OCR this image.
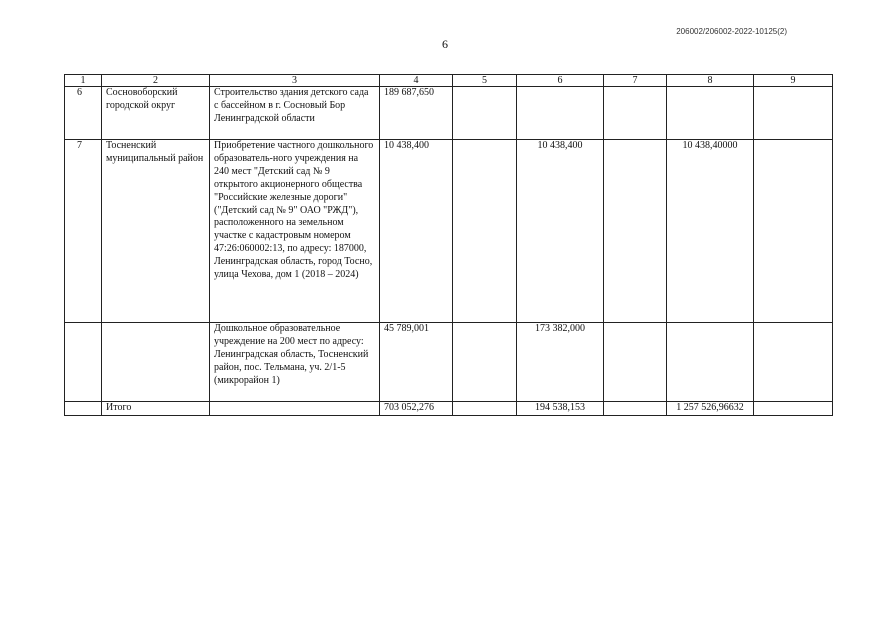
206002/206002-2022-10125(2)
6
1	2	3	4	5	6	7	8	9
6	Сосновоборский городской округ	Строительство здания детского сада с бассейном в г. Сосновый Бор Ленинградской области	189 687,650					
7	Тосненский муниципальный район	Приобретение частного дошкольного образователь-ного учреждения на 240 мест "Детский сад № 9 открытого акционерного общества "Российские железные дороги" ("Детский сад № 9" ОАО "РЖД"), расположенного на земельном участке с кадастровым номером 47:26:060002:13, по адресу: 187000, Ленинградская область, город Тосно, улица Чехова, дом 1 (2018 – 2024)	10 438,400		10 438,400		10 438,40000	
		Дошкольное образовательное учреждение на 200 мест по адресу: Ленинградская область, Тосненский район, пос. Тельмана, уч. 2/1-5 (микрорайон 1)	45 789,001		173 382,000			
	Итого		703 052,276		194 538,153		1 257 526,96632	
